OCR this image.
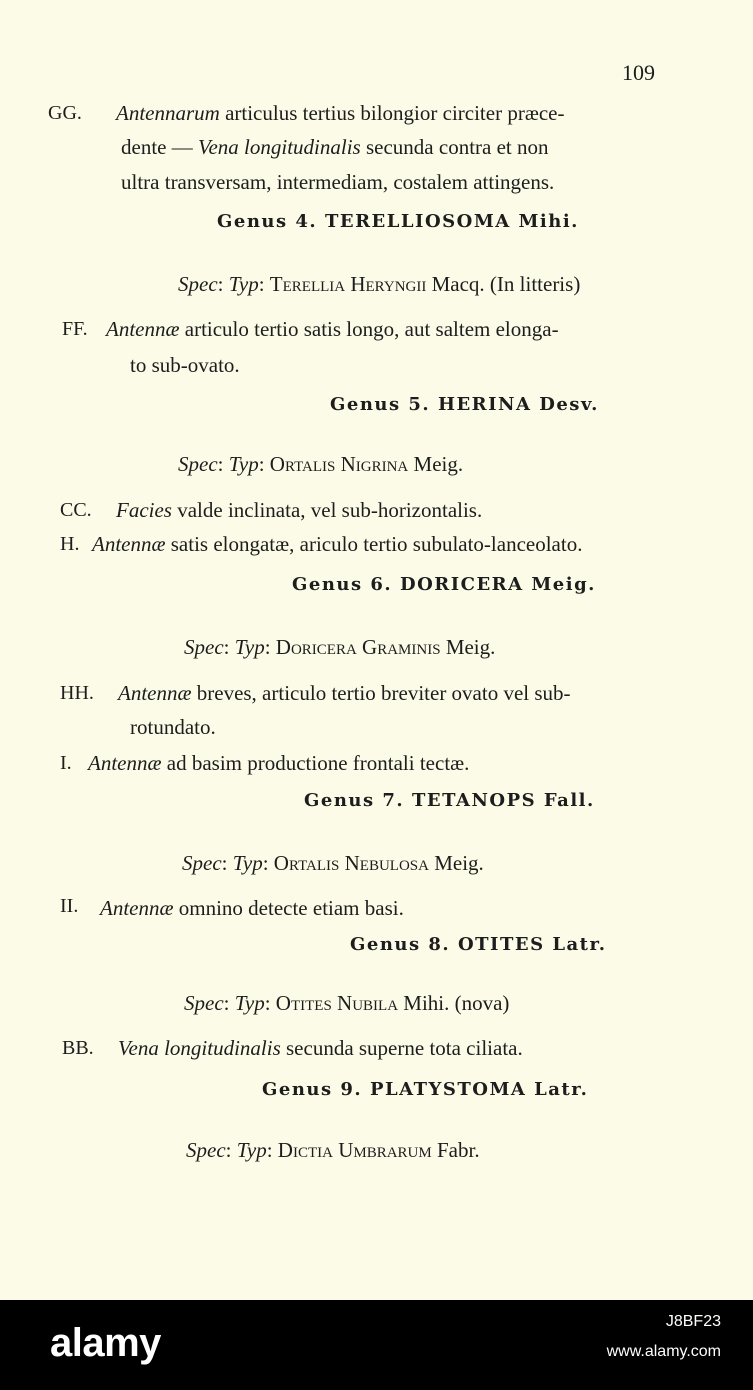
109
GG. Antennarum articulus tertius bilongior circiter præce-
dente — Vena longitudinalis secunda contra et non
ultra transversam, intermediam, costalem attingens.
Genus 4. TERELLIOSOMA Mihi.
Spec: Typ: Terellia Heryngii Macq. (In litteris)
FF. Antennæ articulo tertio satis longo, aut saltem elonga-
to sub-ovato.
Genus 5. HERINA Desv.
Spec: Typ: Ortalis Nigrina Meig.
CC. Facies valde inclinata, vel sub-horizontalis.
H. Antennæ satis elongatæ, ariculo tertio subulato-lanceolato.
Genus 6. DORICERA Meig.
Spec: Typ: Doricera Graminis Meig.
HH. Antennæ breves, articulo tertio breviter ovato vel sub-
rotundato.
I. Antennæ ad basim productione frontali tectæ.
Genus 7. TETANOPS Fall.
Spec: Typ: Ortalis Nebulosa Meig.
II. Antennæ omnino detecte etiam basi.
Genus 8. OTITES Latr.
Spec: Typ: Otites Nubila Mihi. (nova)
BB. Vena longitudinalis secunda superne tota ciliata.
Genus 9. PLATYSTOMA Latr.
Spec: Typ: Dictia Umbrarum Fabr.
alamy	J8BF23
www.alamy.com
